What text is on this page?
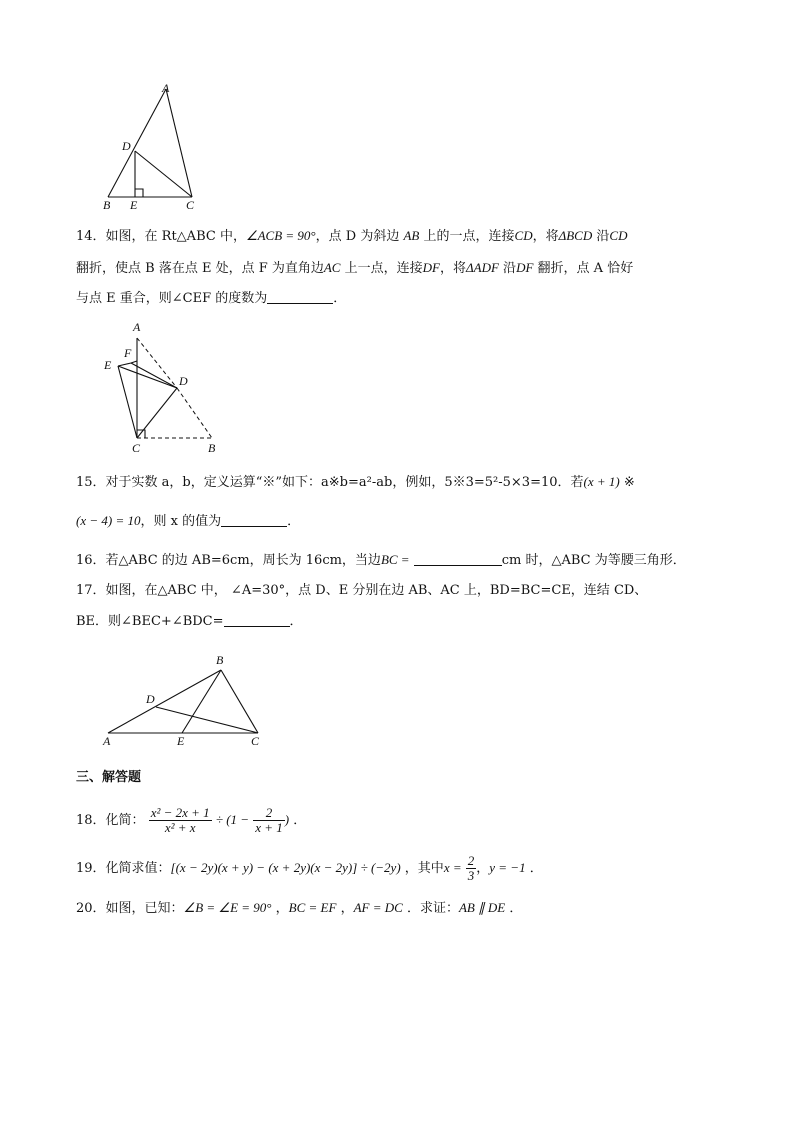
A
D
B E	C
14．如图，在 Rt△ABC 中，∠ACB = 90°，点 D 为斜边 AB 上的一点，连接CD，将ΔBCD 沿CD
翻折，使点 B 落在点 E 处，点 F 为直角边AC 上一点，连接DF，将ΔADF 沿DF 翻折，点 A 恰好
与点 E 重合，则∠CEF 的度数为	．
A
F
E
D
C	B
15．对于实数 a，b，定义运算“※”如下：a※b=a²-ab，例如，5※3=5²-5×3=10．若(x + 1) ※
(x − 4) = 10，则 x 的值为	．
16．若△ABC 的边 AB=6cm，周长为 16cm，当边BC =	cm 时，△ABC 为等腰三角形．
17．如图，在△ABC 中， ∠A=30°，点 D、E 分别在边 AB、AC 上，BD=BC=CE，连结 CD、
BE．则∠BEC+∠BDC=	．
B
D
A	E	C
三、解答题
18．化简： $\frac{\text{x² − 2x + 1}}{\text{x² + x}} \div (1 - \frac{2}{x + 1}$ ) ．
19．化简求值：[(x − 2y)(x + y) − (x + 2y)(x − 2y)] ÷ (−2y) ，其中$x = \frac{2}{3}$ ，y = −1 ．
20．如图，已知：∠B = ∠E = 90° ，BC = EF ，AF = DC ．求证：AB ∥ DE ．
